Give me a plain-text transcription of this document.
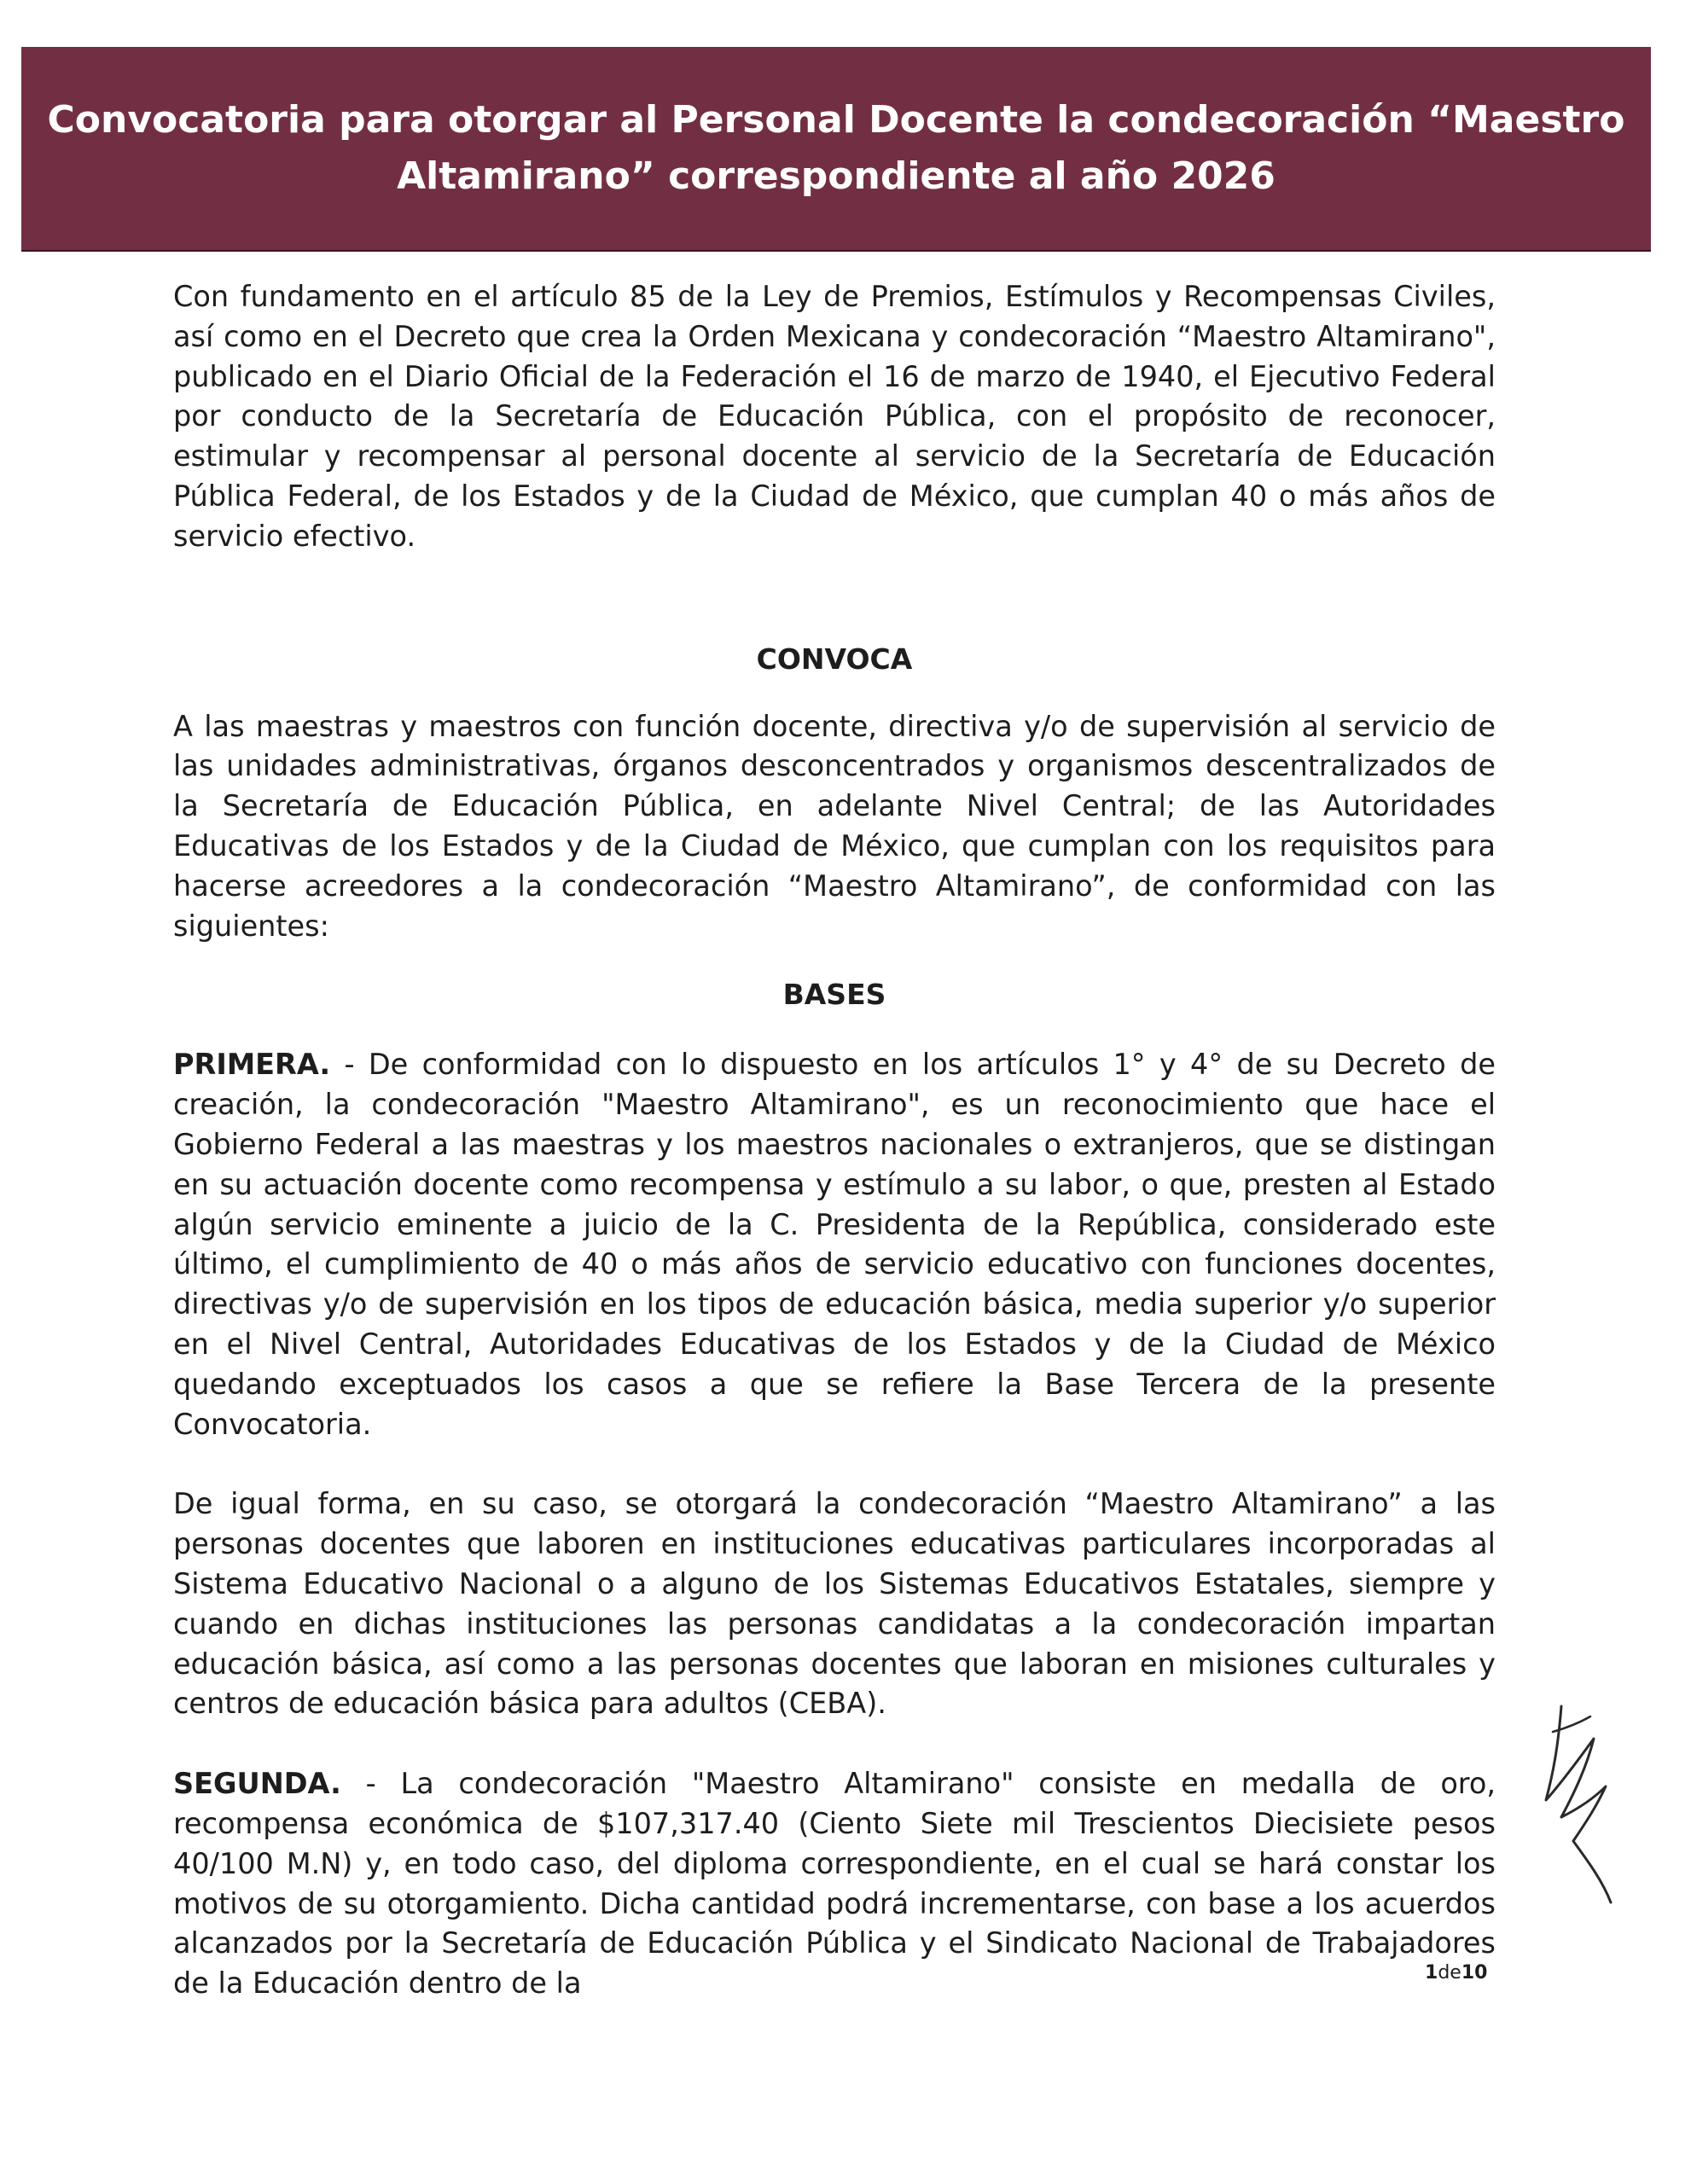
Convocatoria para otorgar al Personal Docente la condecoración “Maestro
Altamirano” correspondiente al año 2026

Con fundamento en el artículo 85 de la Ley de Premios, Estímulos y Recompensas Civiles, así como en el Decreto que crea la Orden Mexicana y condecoración “Maestro Altamirano", publicado en el Diario Oficial de la Federación el 16 de marzo de 1940, el Ejecutivo Federal por conducto de la Secretaría de Educación Pública, con el propósito de reconocer, estimular y recompensar al personal docente al servicio de la Secretaría de Educación Pública Federal, de los Estados y de la Ciudad de México, que cumplan 40 o más años de servicio efectivo.

CONVOCA

A las maestras y maestros con función docente, directiva y/o de supervisión al servicio de las unidades administrativas, órganos desconcentrados y organismos descentralizados de la Secretaría de Educación Pública, en adelante Nivel Central; de las Autoridades Educativas de los Estados y de la Ciudad de México, que cumplan con los requisitos para hacerse acreedores a la condecoración “Maestro Altamirano”, de conformidad con las siguientes:

BASES

PRIMERA. - De conformidad con lo dispuesto en los artículos 1° y 4° de su Decreto de creación, la condecoración "Maestro Altamirano", es un reconocimiento que hace el Gobierno Federal a las maestras y los maestros nacionales o extranjeros, que se distingan en su actuación docente como recompensa y estímulo a su labor, o que, presten al Estado algún servicio eminente a juicio de la C. Presidenta de la República, considerado este último, el cumplimiento de 40 o más años de servicio educativo con funciones docentes, directivas y/o de supervisión en los tipos de educación básica, media superior y/o superior en el Nivel Central, Autoridades Educativas de los Estados y de la Ciudad de México quedando exceptuados los casos a que se refiere la Base Tercera de la presente Convocatoria.

De igual forma, en su caso, se otorgará la condecoración “Maestro Altamirano” a las personas docentes que laboren en instituciones educativas particulares incorporadas al Sistema Educativo Nacional o a alguno de los Sistemas Educativos Estatales, siempre y cuando en dichas instituciones las personas candidatas a la condecoración impartan educación básica, así como a las personas docentes que laboran en misiones culturales y centros de educación básica para adultos (CEBA).

SEGUNDA. - La condecoración "Maestro Altamirano" consiste en medalla de oro, recompensa económica de $107,317.40 (Ciento Siete mil Trescientos Diecisiete pesos 40/100 M.N) y, en todo caso, del diploma correspondiente, en el cual se hará constar los motivos de su otorgamiento. Dicha cantidad podrá incrementarse, con base a los acuerdos alcanzados por la Secretaría de Educación Pública y el Sindicato Nacional de Trabajadores de la Educación dentro de la	1de10
